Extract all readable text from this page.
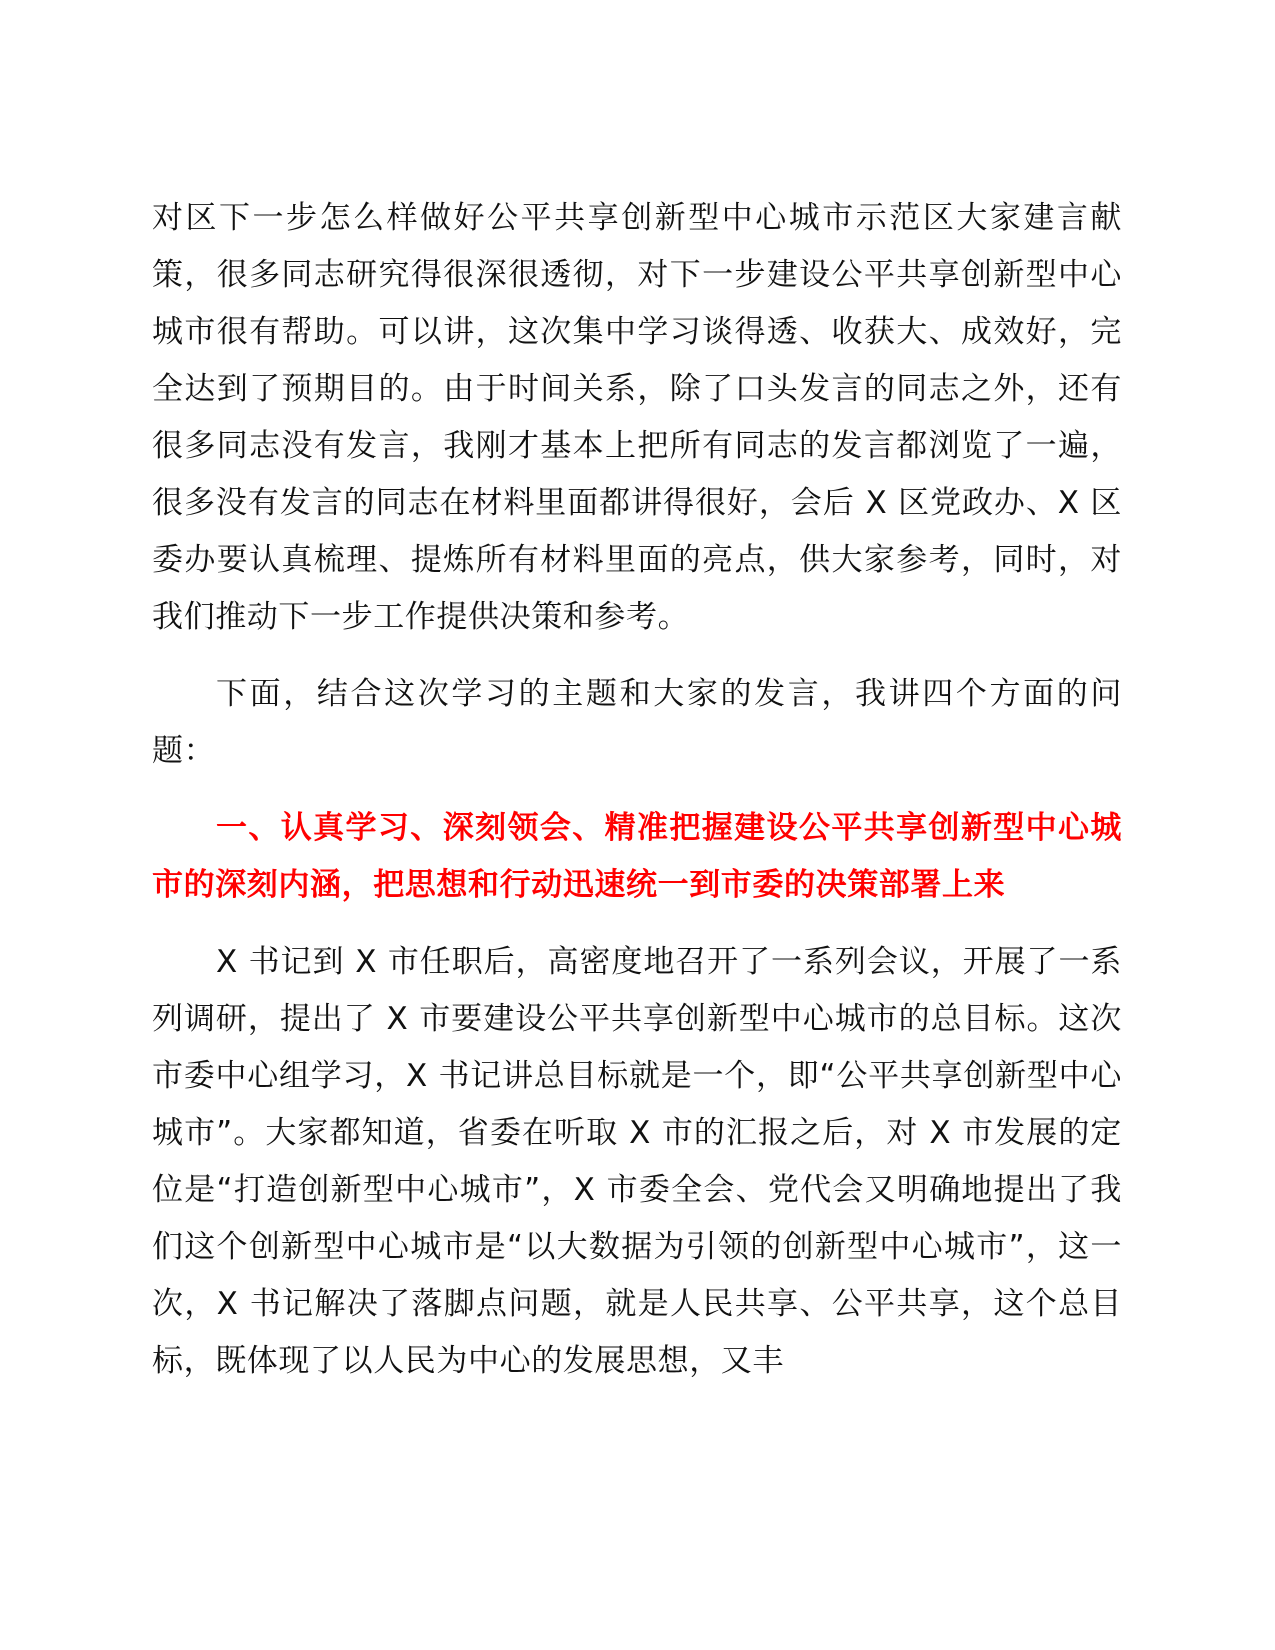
对区下一步怎么样做好公平共享创新型中心城市示范区大家建言献策，很多同志研究得很深很透彻，对下一步建设公平共享创新型中心城市很有帮助。可以讲，这次集中学习谈得透、收获大、成效好，完全达到了预期目的。由于时间关系，除了口头发言的同志之外，还有很多同志没有发言，我刚才基本上把所有同志的发言都浏览了一遍，很多没有发言的同志在材料里面都讲得很好，会后 X 区党政办、X 区委办要认真梳理、提炼所有材料里面的亮点，供大家参考，同时，对我们推动下一步工作提供决策和参考。

下面，结合这次学习的主题和大家的发言，我讲四个方面的问题：

一、认真学习、深刻领会、精准把握建设公平共享创新型中心城市的深刻内涵，把思想和行动迅速统一到市委的决策部署上来

X 书记到 X 市任职后，高密度地召开了一系列会议，开展了一系列调研，提出了 X 市要建设公平共享创新型中心城市的总目标。这次市委中心组学习，X 书记讲总目标就是一个，即“公平共享创新型中心城市”。大家都知道，省委在听取 X 市的汇报之后，对 X 市发展的定位是“打造创新型中心城市”，X 市委全会、党代会又明确地提出了我们这个创新型中心城市是“以大数据为引领的创新型中心城市”，这一次，X 书记解决了落脚点问题，就是人民共享、公平共享，这个总目标，既体现了以人民为中心的发展思想，又丰
